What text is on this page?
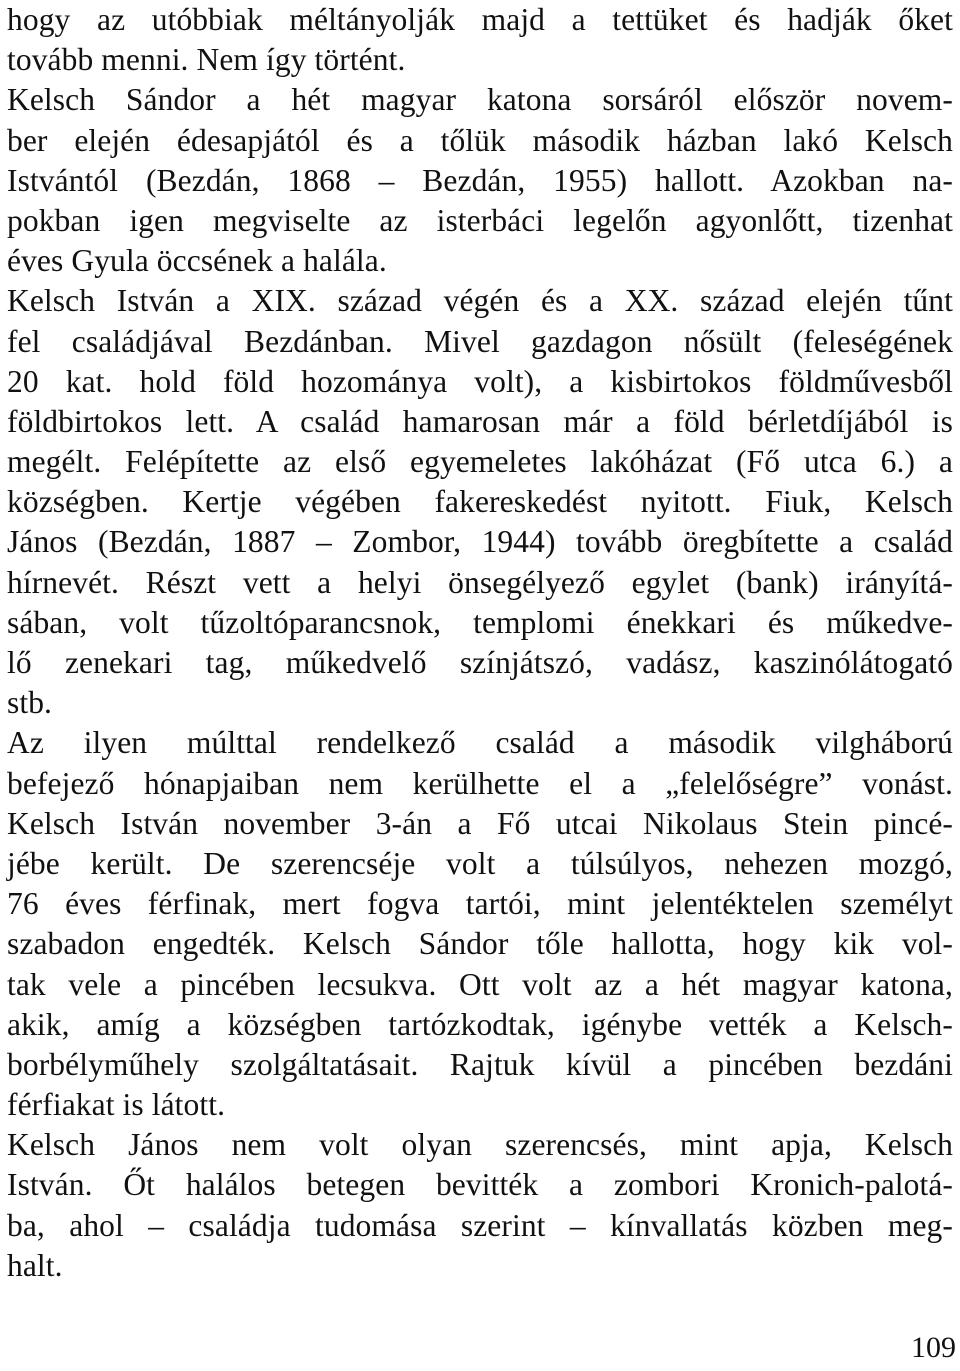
hogy az utóbbiak méltányolják majd a tettüket és hadják őket
tovább menni. Nem így történt.
Kelsch Sándor a hét magyar katona sorsáról először novem-
ber elején édesapjától és a tőlük második házban lakó Kelsch
Istvántól (Bezdán, 1868 – Bezdán, 1955) hallott. Azokban na-
pokban igen megviselte az isterbáci legelőn agyonlőtt, tizenhat
éves Gyula öccsének a halála.
Kelsch István a XIX. század végén és a XX. század elején tűnt
fel családjával Bezdánban. Mivel gazdagon nősült (feleségének
20 kat. hold föld hozománya volt), a kisbirtokos földművesből
földbirtokos lett. A család hamarosan már a föld bérletdíjából is
megélt. Felépítette az első egyemeletes lakóházat (Fő utca 6.) a
községben. Kertje végében fakereskedést nyitott. Fiuk, Kelsch
János (Bezdán, 1887 – Zombor, 1944) tovább öregbítette a család
hírnevét. Részt vett a helyi önsegélyező egylet (bank) irányítá-
sában, volt tűzoltóparancsnok, templomi énekkari és műkedve-
lő zenekari tag, műkedvelő színjátszó, vadász, kaszinólátogató
stb.
Az ilyen múlttal rendelkező család a második vilgháború
befejező hónapjaiban nem kerülhette el a „felelőségre” vonást.
Kelsch István november 3-án a Fő utcai Nikolaus Stein pincé-
jébe került. De szerencséje volt a túlsúlyos, nehezen mozgó,
76 éves férfinak, mert fogva tartói, mint jelentéktelen személyt
szabadon engedték. Kelsch Sándor tőle hallotta, hogy kik vol-
tak vele a pincében lecsukva. Ott volt az a hét magyar katona,
akik, amíg a községben tartózkodtak, igénybe vették a Kelsch-
borbélyműhely szolgáltatásait. Rajtuk kívül a pincében bezdáni
férfiakat is látott.
Kelsch János nem volt olyan szerencsés, mint apja, Kelsch
István. Őt halálos betegen bevitték a zombori Kronich-palotá-
ba, ahol – családja tudomása szerint – kínvallatás közben meg-
halt.
109
